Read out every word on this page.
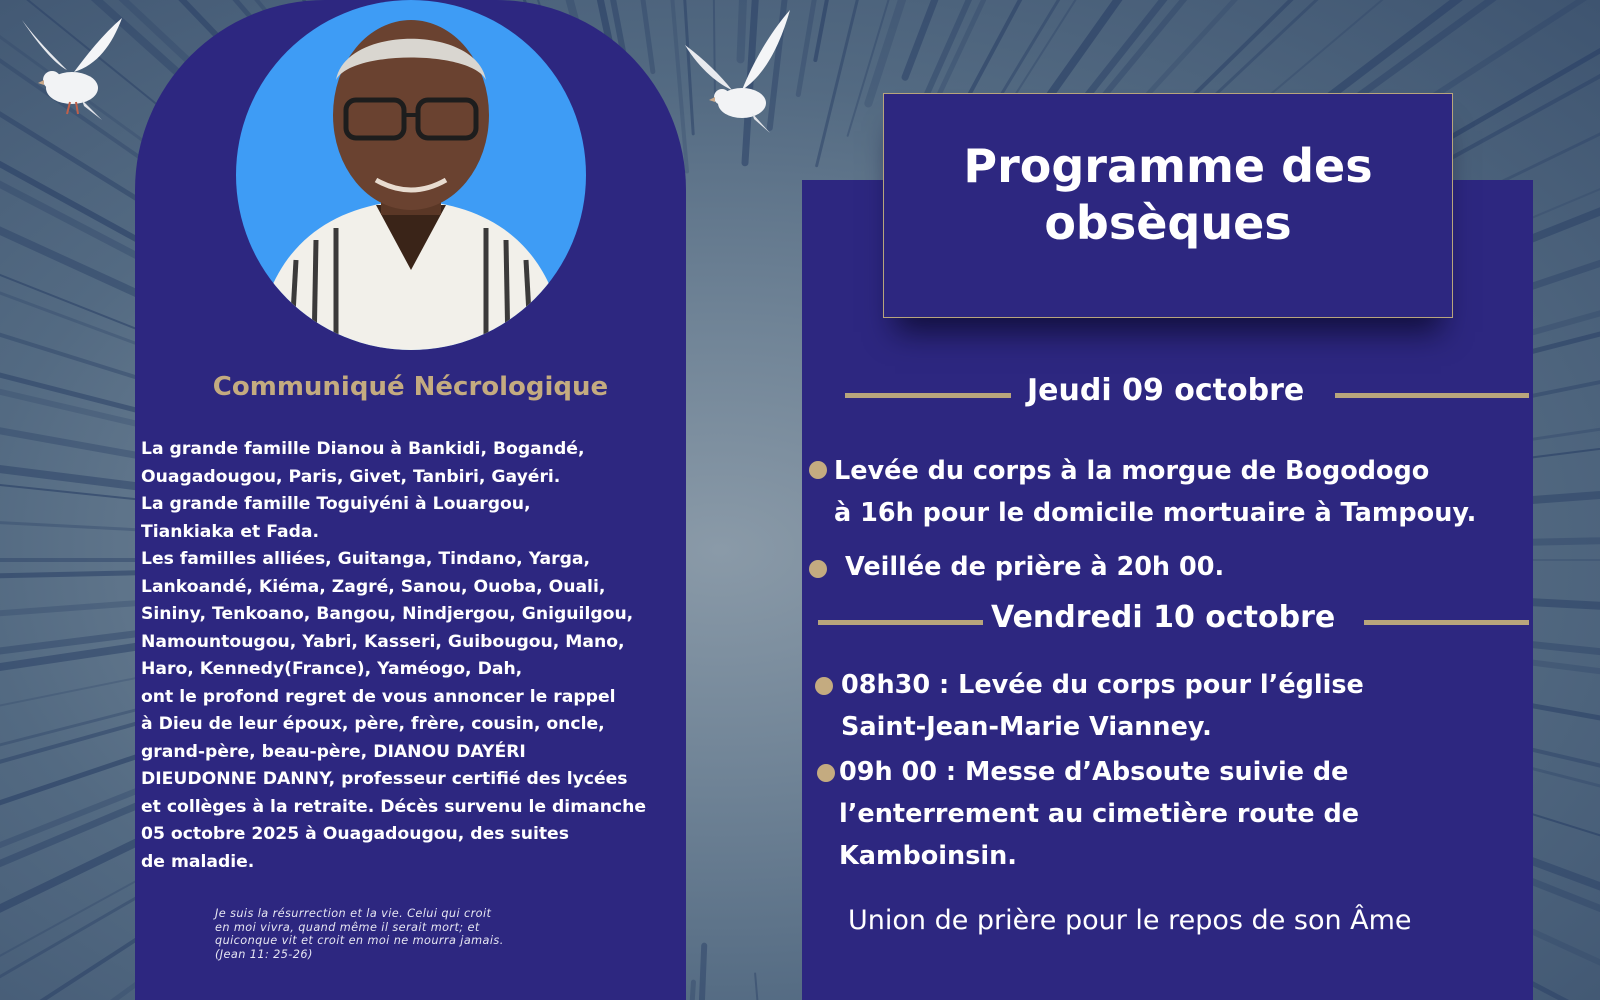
Communiqué Nécrologique

La grande famille Dianou à Bankidi, Bogandé,

Ouagadougou, Paris, Givet, Tanbiri, Gayéri.

La grande famille Toguiyéni à Louargou,

Tiankiaka et Fada.

Les familles alliées, Guitanga, Tindano, Yarga,

Lankoandé, Kiéma, Zagré, Sanou, Ouoba, Ouali,

Sininy, Tenkoano, Bangou, Nindjergou, Gniguilgou,

Namountougou, Yabri, Kasseri, Guibougou, Mano,

Haro, Kennedy(France), Yaméogo, Dah,

ont le profond regret de vous annoncer le rappel

à Dieu de leur époux, père, frère, cousin, oncle,

grand-père, beau-père, DIANOU DAYÉRI

DIEUDONNE DANNY, professeur certifié des lycées

et collèges à la retraite. Décès survenu le dimanche

05 octobre 2025 à Ouagadougou, des suites

de maladie.

Je suis la résurrection et la vie. Celui qui croit
en moi vivra, quand même il serait mort; et
quiconque vit et croit en moi ne mourra jamais.
(Jean 11: 25-26)
Programme des
obsèques
Jeudi 09 octobre
Levée du corps à la morgue de Bogodogo
à 16h pour le domicile mortuaire à Tampouy.
Veillée de prière à 20h 00.
Vendredi 10 octobre
08h30 : Levée du corps pour l’église
Saint-Jean-Marie Vianney.
09h 00 : Messe d’Absoute suivie de
l’enterrement au cimetière route de
Kamboinsin.
Union de prière pour le repos de son Âme
